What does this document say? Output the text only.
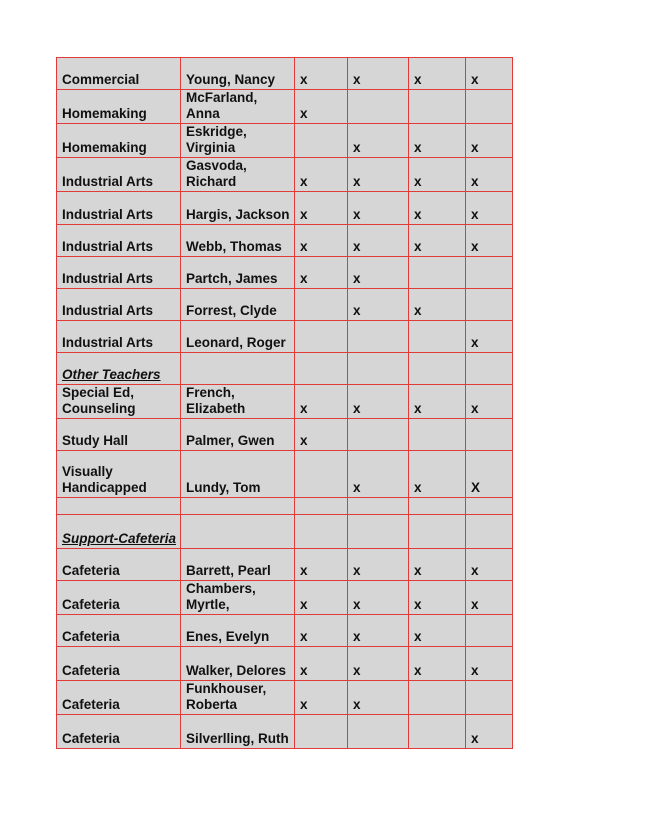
Commercial	Young, Nancy	x	x	x	x
Homemaking	McFarland, Anna	x			
Homemaking	Eskridge, Virginia		x	x	x
Industrial Arts	Gasvoda, Richard	x	x	x	x
Industrial Arts	Hargis, Jackson	x	x	x	x
Industrial Arts	Webb, Thomas	x	x	x	x
Industrial Arts	Partch, James	x	x		
Industrial Arts	Forrest, Clyde		x	x	
Industrial Arts	Leonard, Roger				x
Other Teachers					
Special Ed, Counseling	French, Elizabeth	x	x	x	x
Study Hall	Palmer, Gwen	x			
Visually Handicapped	Lundy, Tom		x	x	X

Support-Cafeteria					
Cafeteria	Barrett, Pearl	x	x	x	x
Cafeteria	Chambers, Myrtle,	x	x	x	x
Cafeteria	Enes, Evelyn	x	x	x	
Cafeteria	Walker, Delores	x	x	x	x
Cafeteria	Funkhouser, Roberta	x	x		
Cafeteria	Silverlling, Ruth				x
